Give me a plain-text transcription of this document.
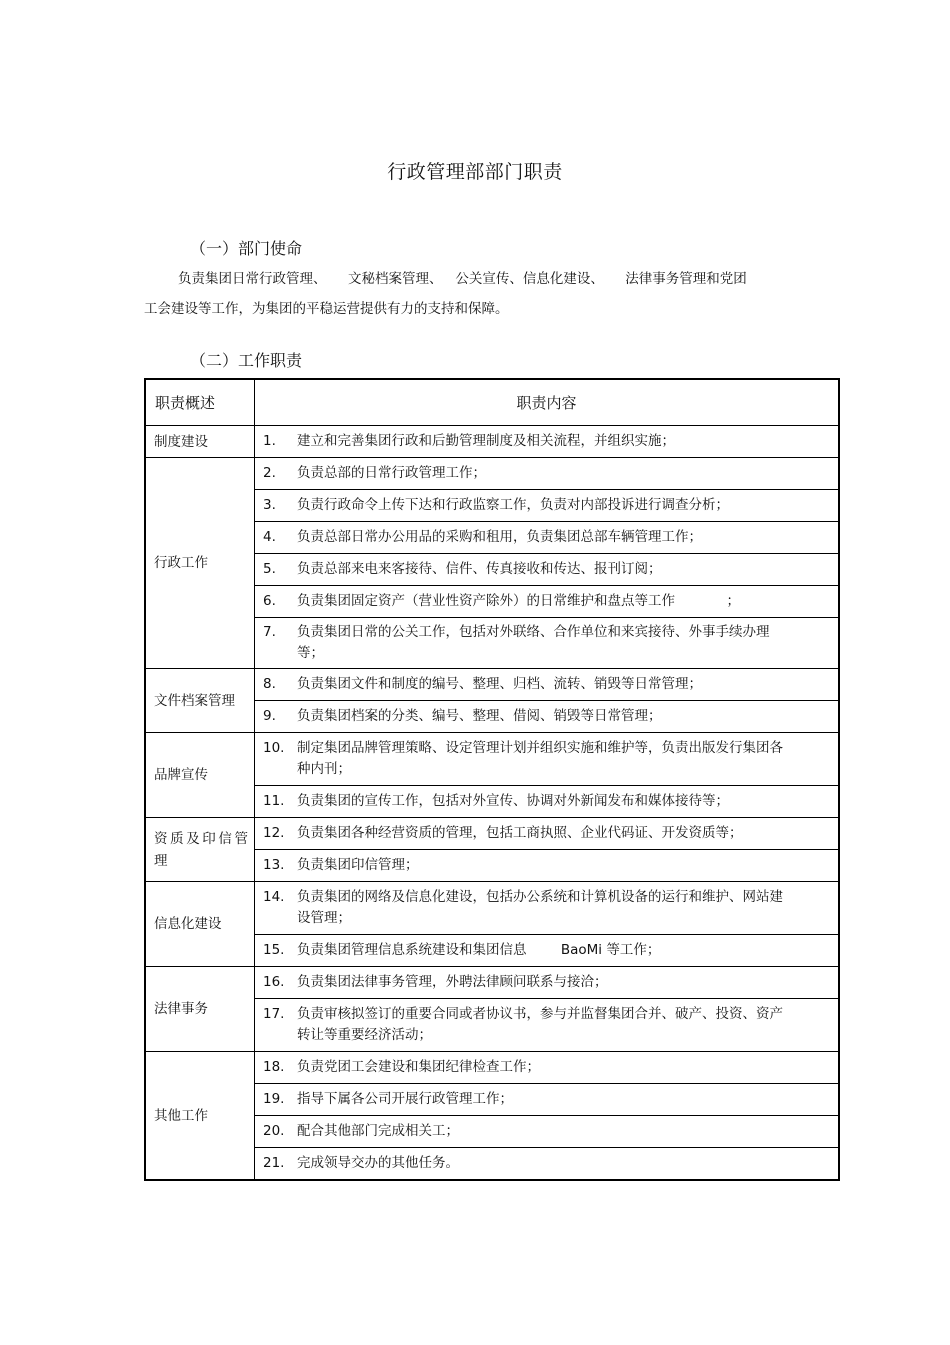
行政管理部部门职责
（一）部门使命
负责集团日常行政管理、     文秘档案管理、   公关宣传、信息化建设、     法律事务管理和党团
工会建设等工作，为集团的平稳运营提供有力的支持和保障。
（二）工作职责
职责概述	职责内容
制度建设	1. 建立和完善集团行政和后勤管理制度及相关流程，并组织实施；
行政工作	2. 负责总部的日常行政管理工作；
	3. 负责行政命令上传下达和行政监察工作，负责对内部投诉进行调查分析；
	4. 负责总部日常办公用品的采购和租用，负责集团总部车辆管理工作；
	5. 负责总部来电来客接待、信件、传真接收和传达、报刊订阅；
	6. 负责集团固定资产（营业性资产除外）的日常维护和盘点等工作            ；
	7. 负责集团日常的公关工作，包括对外联络、合作单位和来宾接待、外事手续办理等；
文件档案管理	8. 负责集团文件和制度的编号、整理、归档、流转、销毁等日常管理；
	9. 负责集团档案的分类、编号、整理、借阅、销毁等日常管理；
品牌宣传	10. 制定集团品牌管理策略、设定管理计划并组织实施和维护等，负责出版发行集团各种内刊；
	11. 负责集团的宣传工作，包括对外宣传、协调对外新闻发布和媒体接待等；
资质及印信管理	12. 负责集团各种经营资质的管理，包括工商执照、企业代码证、开发资质等；
	13. 负责集团印信管理；
信息化建设	14. 负责集团的网络及信息化建设，包括办公系统和计算机设备的运行和维护、网站建设管理；
	15. 负责集团管理信息系统建设和集团信息        BaoMi 等工作；
法律事务	16. 负责集团法律事务管理，外聘法律顾问联系与接洽；
	17. 负责审核拟签订的重要合同或者协议书，参与并监督集团合并、破产、投资、资产转让等重要经济活动；
其他工作	18. 负责党团工会建设和集团纪律检查工作；
	19. 指导下属各公司开展行政管理工作；
	20. 配合其他部门完成相关工；
	21. 完成领导交办的其他任务。
